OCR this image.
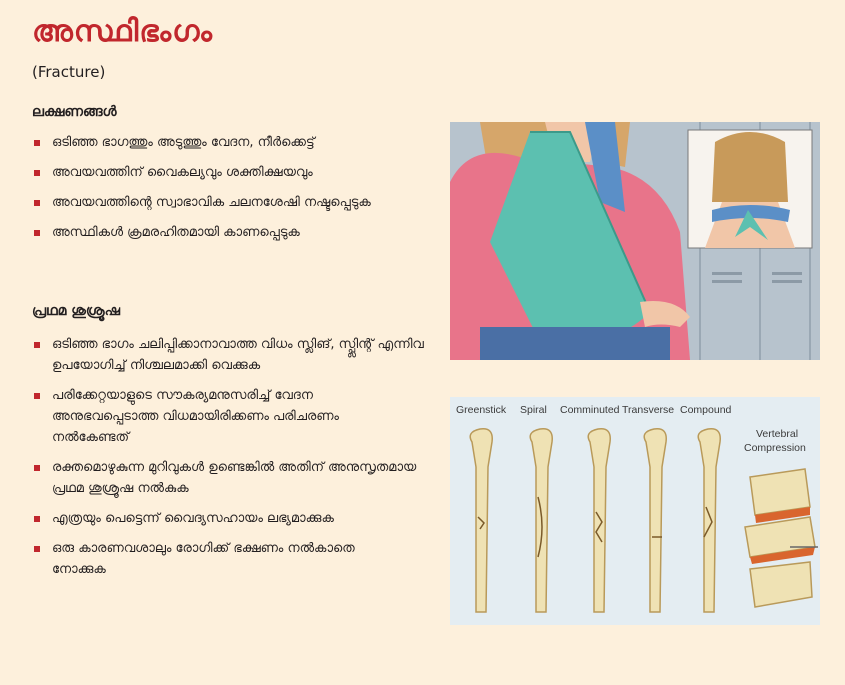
അസ്ഥിഭംഗം
(Fracture)
ലക്ഷണങ്ങൾ
ഒടിഞ്ഞ ഭാഗത്തും അടുത്തും വേദന, നീർക്കെട്ട്
അവയവത്തിന് വൈകല്യവും ശക്തിക്ഷയവും
അവയവത്തിന്റെ സ്വാഭാവിക ചലനശേഷി നഷ്ടപ്പെടുക
അസ്ഥികൾ ക്രമരഹിതമായി കാണപ്പെടുക
പ്രഥമ ശുശ്രൂഷ
ഒടിഞ്ഞ ഭാഗം ചലിപ്പിക്കാനാവാത്ത വിധം സ്ലിങ്, സ്പ്ലിന്റ് എന്നിവ ഉപയോഗിച്ച് നിശ്ചലമാക്കി വെക്കുക
പരിക്കേറ്റയാളുടെ സൗകര്യമനുസരിച്ച് വേദന അനുഭവപ്പെടാത്ത വിധമായിരിക്കണം പരിചരണം നൽകേണ്ടത്
രക്തമൊഴുകുന്ന മുറിവുകൾ ഉണ്ടെങ്കിൽ അതിന് അനുസൃതമായ പ്രഥമ ശുശ്രൂഷ നൽകുക
എത്രയും പെട്ടെന്ന് വൈദ്യസഹായം ലഭ്യമാക്കുക
ഒരു കാരണവശാലും രോഗിക്ക് ഭക്ഷണം നൽകാതെ നോക്കുക
Greenstick Spiral Comminuted Transverse Compound
Vertebral
Compression
